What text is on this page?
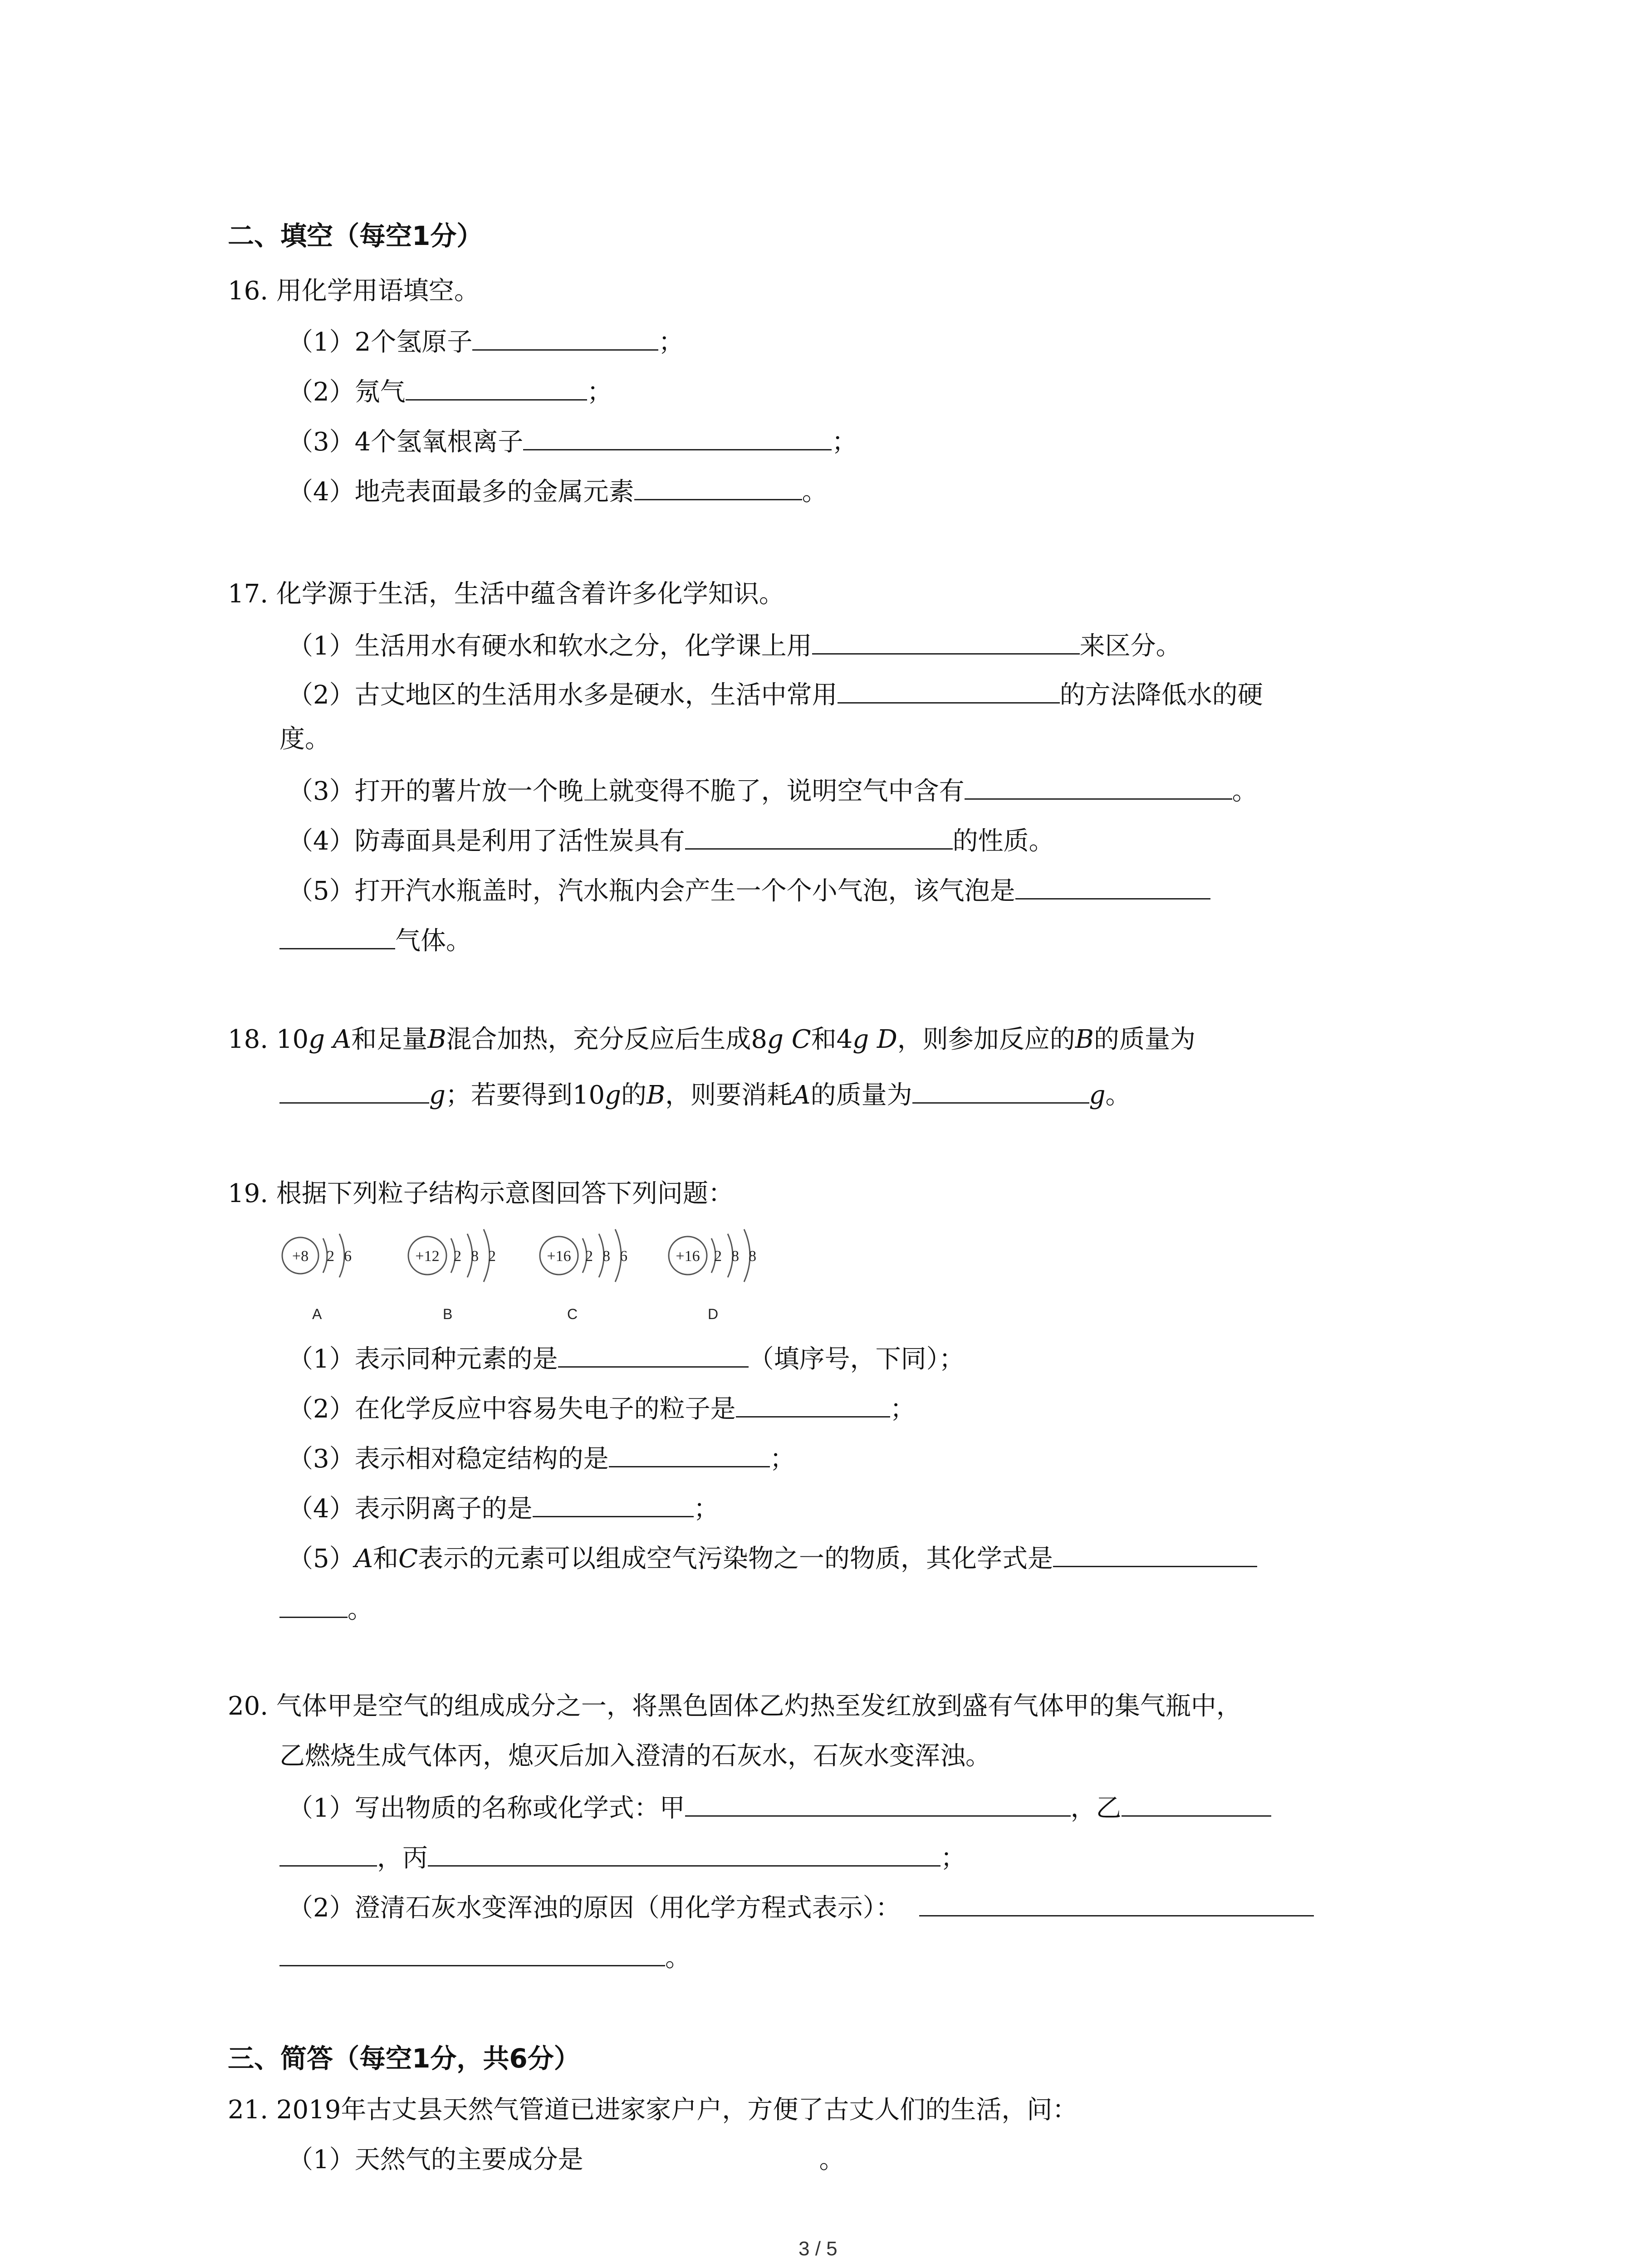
二、填空（每空1分）
16. 用化学用语填空。
（1）2个氢原子	；
（2）氖气	；
（3）4个氢氧根离子	；
（4）地壳表面最多的金属元素	。
17. 化学源于生活，生活中蕴含着许多化学知识。
（1）生活用水有硬水和软水之分，化学课上用	来区分。
（2）古丈地区的生活用水多是硬水，生活中常用	的方法降低水的硬
度。
（3）打开的薯片放一个晚上就变得不脆了，说明空气中含有	。
（4）防毒面具是利用了活性炭具有	的性质。
（5）打开汽水瓶盖时，汽水瓶内会产生一个个小气泡，该气泡是
气体。
18. 10g A和足量B混合加热，充分反应后生成8g C和4g D，则参加反应的B的质量为
g；若要得到10g的B，则要消耗A的质量为	g。
19. 根据下列粒子结构示意图回答下列问题：
+8 2 6
A
+12 2 8 2
B
+16 2 8 6
C
+16 2 8 8
D
（1）表示同种元素的是	（填序号，下同）；
（2）在化学反应中容易失电子的粒子是	；
（3）表示相对稳定结构的是	；
（4）表示阴离子的是	；
（5）A和C表示的元素可以组成空气污染物之一的物质，其化学式是
。
20. 气体甲是空气的组成成分之一，将黑色固体乙灼热至发红放到盛有气体甲的集气瓶中，
乙燃烧生成气体丙，熄灭后加入澄清的石灰水，石灰水变浑浊。
（1）写出物质的名称或化学式：甲	，乙
，丙	；
（2）澄清石灰水变浑浊的原因（用化学方程式表示）：
。
三、简答（每空1分，共6分）
21. 2019年古丈县天然气管道已进家家户户，方便了古丈人们的生活，问：
（1）天然气的主要成分是	。
3 / 5
